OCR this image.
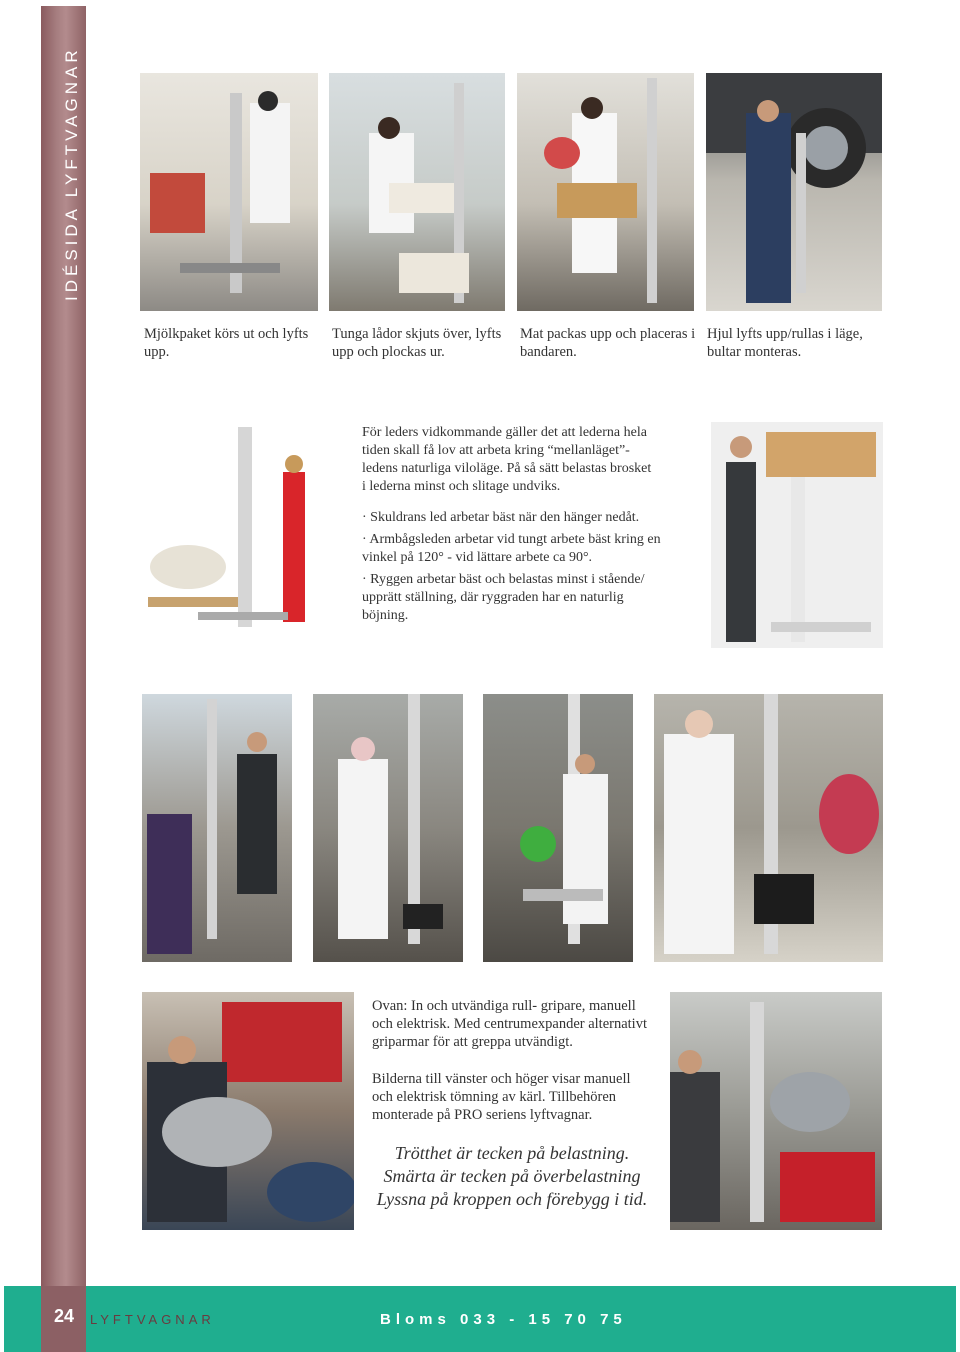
IDÉSIDA LYFTVAGNAR
Mjölkpaket körs ut och lyfts upp.
Tunga lådor skjuts över, lyfts upp och plockas ur.
Mat packas upp och placeras i bandaren.
Hjul lyfts upp/rullas i läge, bultar monteras.
För leders vidkommande gäller det att lederna hela tiden skall få lov att arbeta kring “mellanläget”-ledens naturliga viloläge. På så sätt belastas brosket i lederna minst och slitage undviks.

· Skuldrans led arbetar bäst när den hänger nedåt.

· Armbågsleden arbetar vid tungt arbete bäst kring en vinkel på 120° - vid lättare arbete ca 90°.

· Ryggen arbetar bäst och belastas minst i stående/ upprätt ställning, där ryggraden har en naturlig böjning.

Ovan: In och utvändiga rull- gripare, manuell och elektrisk. Med centrumexpander alternativt griparmar för att greppa utvändigt.
Bilderna till vänster och höger visar manuell och elektrisk tömning av kärl. Tillbehören monterade på PRO seriens lyftvagnar.
Trötthet är tecken på belastning.
Smärta är tecken på överbelastning
Lyssna på kroppen och förebygg i tid.
24	LYFTVAGNAR	Bloms 033 - 15 70 75
